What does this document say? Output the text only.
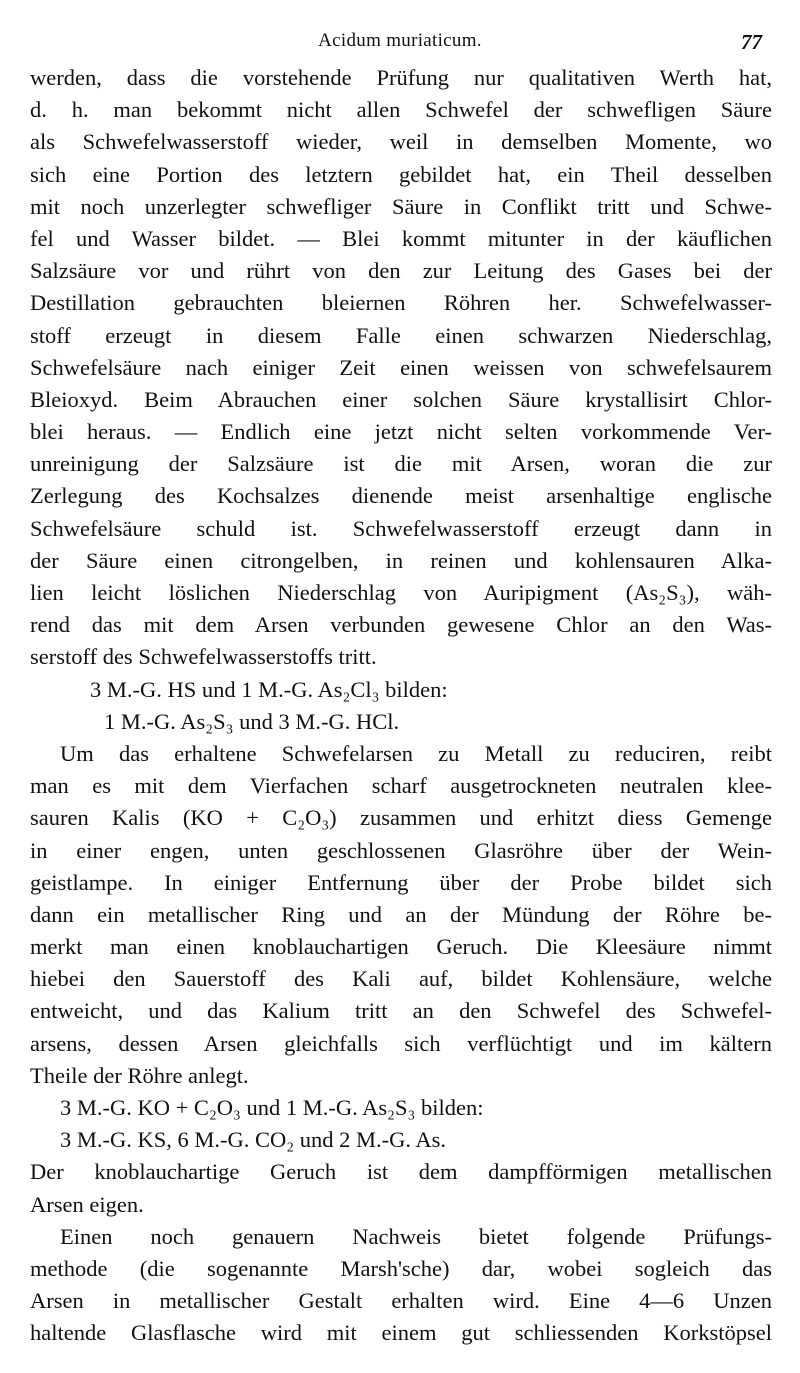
Acidum muriaticum.	77
werden, dass die vorstehende Prüfung nur qualitativen Werth hat,
d. h. man bekommt nicht allen Schwefel der schwefligen Säure
als Schwefelwasserstoff wieder, weil in demselben Momente, wo
sich eine Portion des letztern gebildet hat, ein Theil desselben
mit noch unzerlegter schwefliger Säure in Conflikt tritt und Schwe-
fel und Wasser bildet. — Blei kommt mitunter in der käuflichen
Salzsäure vor und rührt von den zur Leitung des Gases bei der
Destillation gebrauchten bleiernen Röhren her. Schwefelwasser-
stoff erzeugt in diesem Falle einen schwarzen Niederschlag,
Schwefelsäure nach einiger Zeit einen weissen von schwefelsaurem
Bleioxyd. Beim Abrauchen einer solchen Säure krystallisirt Chlor-
blei heraus. — Endlich eine jetzt nicht selten vorkommende Ver-
unreinigung der Salzsäure ist die mit Arsen, woran die zur
Zerlegung des Kochsalzes dienende meist arsenhaltige englische
Schwefelsäure schuld ist. Schwefelwasserstoff erzeugt dann in
der Säure einen citrongelben, in reinen und kohlensauren Alka-
lien leicht löslichen Niederschlag von Auripigment (As₂S₃), wäh-
rend das mit dem Arsen verbunden gewesene Chlor an den Was-
serstoff des Schwefelwasserstoffs tritt.
3 M.-G. HS und 1 M.-G. As₂Cl₃ bilden:
1 M.-G. As₂S₃ und 3 M.-G. HCl.
Um das erhaltene Schwefelarsen zu Metall zu reduciren, reibt
man es mit dem Vierfachen scharf ausgetrockneten neutralen klee-
sauren Kalis (KO + C₂O₃) zusammen und erhitzt diess Gemenge
in einer engen, unten geschlossenen Glasröhre über der Wein-
geistlampe. In einiger Entfernung über der Probe bildet sich
dann ein metallischer Ring und an der Mündung der Röhre be-
merkt man einen knoblauchartigen Geruch. Die Kleesäure nimmt
hiebei den Sauerstoff des Kali auf, bildet Kohlensäure, welche
entweicht, und das Kalium tritt an den Schwefel des Schwefel-
arsens, dessen Arsen gleichfalls sich verflüchtigt und im kältern
Theile der Röhre anlegt.
3 M.-G. KO + C₂O₃ und 1 M.-G. As₂S₃ bilden:
3 M.-G. KS, 6 M.-G. CO₂ und 2 M.-G. As.
Der knoblauchartige Geruch ist dem dampfförmigen metallischen
Arsen eigen.
Einen noch genauern Nachweis bietet folgende Prüfungs-
methode (die sogenannte Marsh'sche) dar, wobei sogleich das
Arsen in metallischer Gestalt erhalten wird. Eine 4—6 Unzen
haltende Glasflasche wird mit einem gut schliessenden Korkstöpsel
